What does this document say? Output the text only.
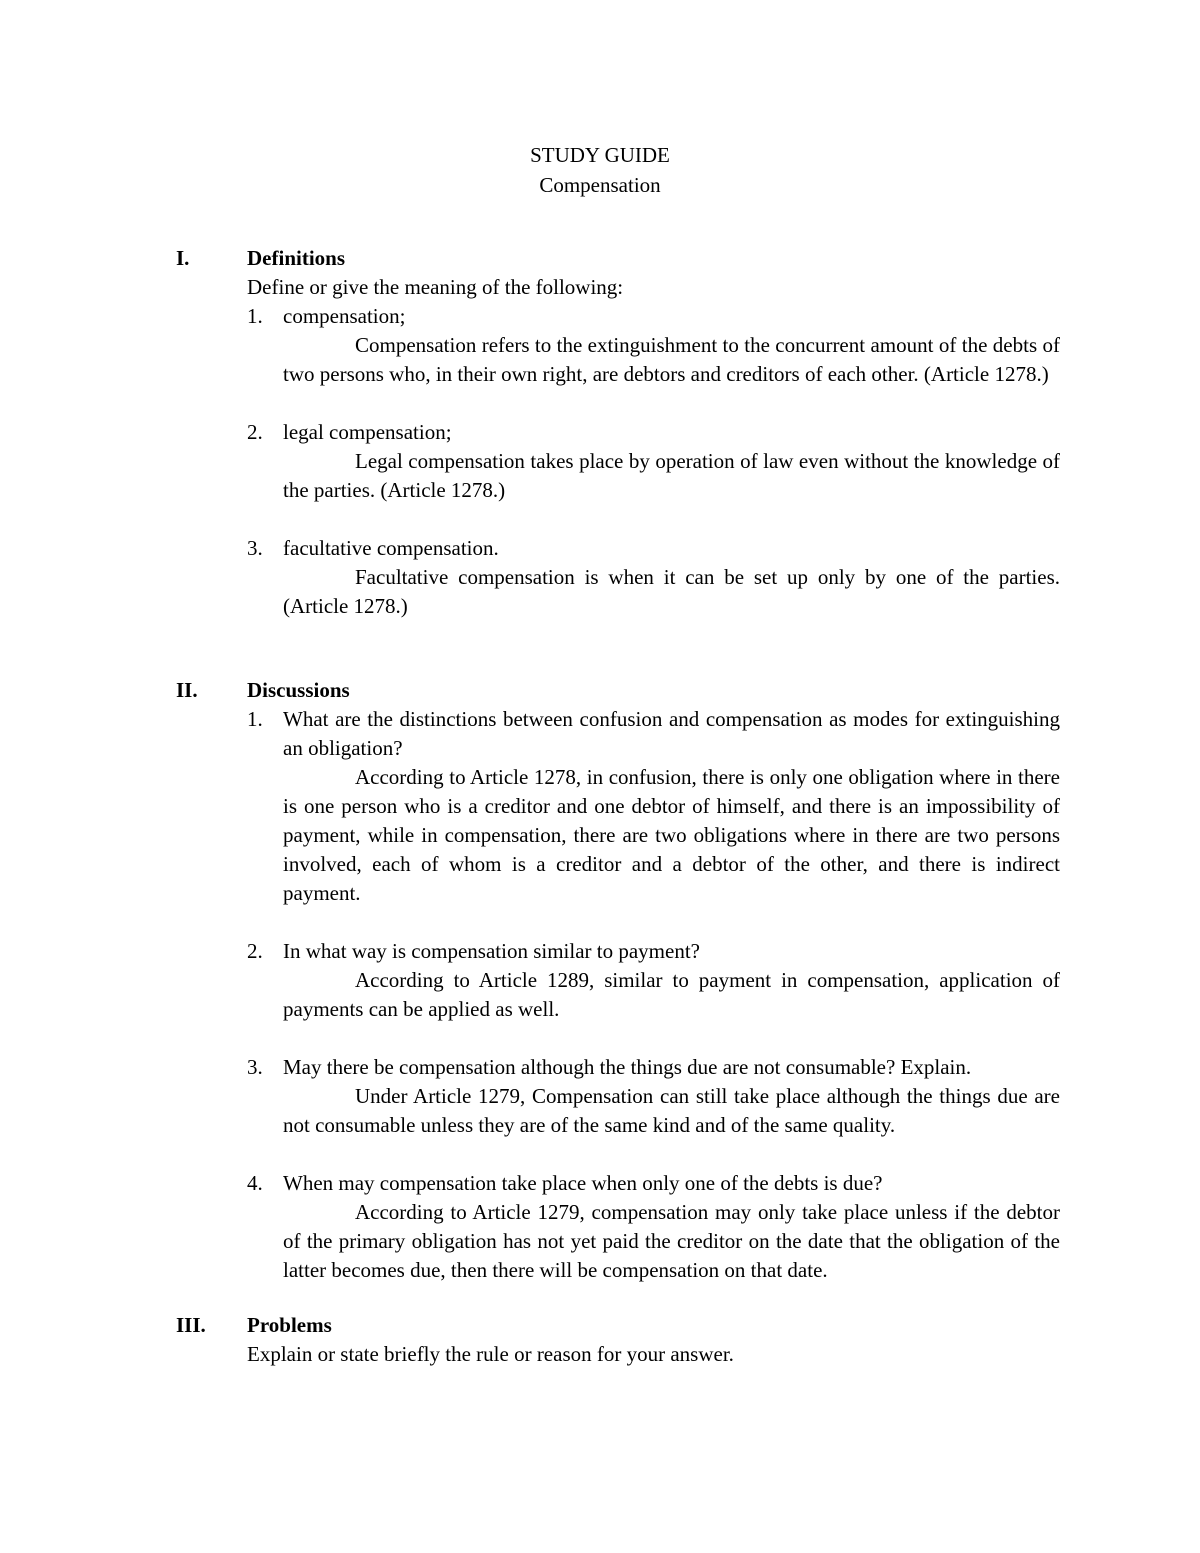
STUDY GUIDE
Compensation
I.	Definitions
Define or give the meaning of the following:
1. compensation;
Compensation refers to the extinguishment to the concurrent amount of the debts of two persons who, in their own right, are debtors and creditors of each other. (Article 1278.)
2. legal compensation;
Legal compensation takes place by operation of law even without the knowledge of the parties. (Article 1278.)
3. facultative compensation.
Facultative compensation is when it can be set up only by one of the parties. (Article 1278.)
II. Discussions
1. What are the distinctions between confusion and compensation as modes for extinguishing an obligation?
According to Article 1278, in confusion, there is only one obligation where in there is one person who is a creditor and one debtor of himself, and there is an impossibility of payment, while in compensation, there are two obligations where in there are two persons involved, each of whom is a creditor and a debtor of the other, and there is indirect payment.
2. In what way is compensation similar to payment?
According to Article 1289, similar to payment in compensation, application of payments can be applied as well.
3. May there be compensation although the things due are not consumable? Explain.
Under Article 1279, Compensation can still take place although the things due are not consumable unless they are of the same kind and of the same quality.
4. When may compensation take place when only one of the debts is due?
According to Article 1279, compensation may only take place unless if the debtor of the primary obligation has not yet paid the creditor on the date that the obligation of the latter becomes due, then there will be compensation on that date.
III. Problems
Explain or state briefly the rule or reason for your answer.
